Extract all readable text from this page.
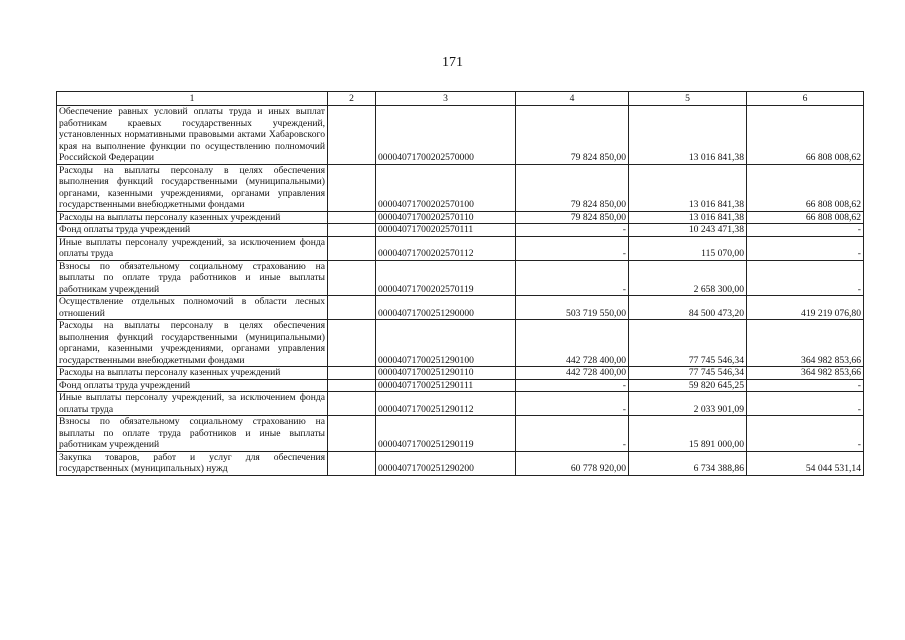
171
1	2	3	4	5	6
Обеспечение равных условий оплаты труда и иных выплат работникам краевых государственных учреждений, установленных нормативными правовыми актами Хабаровского края на выполнение функции по осуществлению полномочий Российской Федерации		00004071700202570000	79 824 850,00	13 016 841,38	66 808 008,62
Расходы на выплаты персоналу в целях обеспечения выполнения функций государственными (муниципальными) органами, казенными учреждениями, органами управления государственными внебюджетными фондами		00004071700202570100	79 824 850,00	13 016 841,38	66 808 008,62
Расходы на выплаты персоналу казенных учреждений		00004071700202570110	79 824 850,00	13 016 841,38	66 808 008,62
Фонд оплаты труда учреждений		00004071700202570111	-	10 243 471,38	-
Иные выплаты персоналу учреждений, за исключением фонда оплаты труда		00004071700202570112	-	115 070,00	-
Взносы по обязательному социальному страхованию на выплаты по оплате труда работников и иные выплаты работникам учреждений		00004071700202570119	-	2 658 300,00	-
Осуществление отдельных полномочий в области лесных отношений		00004071700251290000	503 719 550,00	84 500 473,20	419 219 076,80
Расходы на выплаты персоналу в целях обеспечения выполнения функций государственными (муниципальными) органами, казенными учреждениями, органами управления государственными внебюджетными фондами		00004071700251290100	442 728 400,00	77 745 546,34	364 982 853,66
Расходы на выплаты персоналу казенных учреждений		00004071700251290110	442 728 400,00	77 745 546,34	364 982 853,66
Фонд оплаты труда учреждений		00004071700251290111	-	59 820 645,25	-
Иные выплаты персоналу учреждений, за исключением фонда оплаты труда		00004071700251290112	-	2 033 901,09	-
Взносы по обязательному социальному страхованию на выплаты по оплате труда работников и иные выплаты работникам учреждений		00004071700251290119	-	15 891 000,00	-
Закупка товаров, работ и услуг для обеспечения государственных (муниципальных) нужд		00004071700251290200	60 778 920,00	6 734 388,86	54 044 531,14
